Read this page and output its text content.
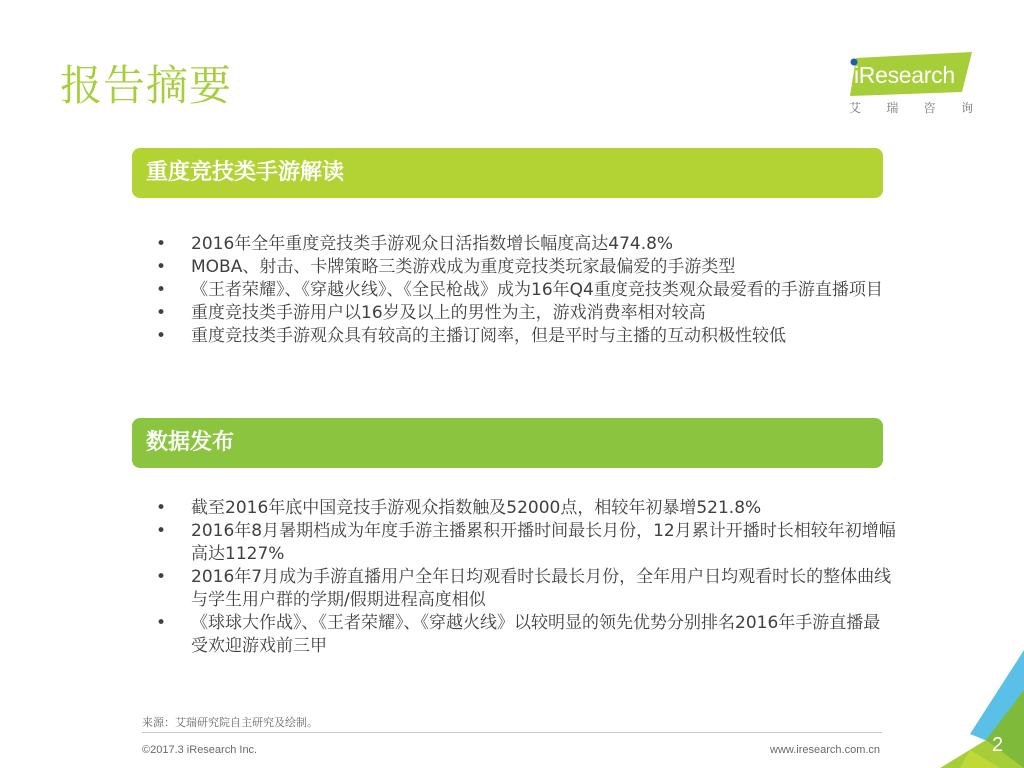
报告摘要	iResearch
艾 瑞 咨 询
重度竞技类手游解读
• 2016年全年重度竞技类手游观众日活指数增长幅度高达474.8%
• MOBA、射击、卡牌策略三类游戏成为重度竞技类玩家最偏爱的手游类型
• 《王者荣耀》、《穿越火线》、《全民枪战》成为16年Q4重度竞技类观众最爱看的手游直播项目
• 重度竞技类手游用户以16岁及以上的男性为主，游戏消费率相对较高
• 重度竞技类手游观众具有较高的主播订阅率，但是平时与主播的互动积极性较低
数据发布
• 截至2016年底中国竞技手游观众指数触及52000点，相较年初暴增521.8%
• 2016年8月暑期档成为年度手游主播累积开播时间最长月份，12月累计开播时长相较年初增幅高达1127%
• 2016年7月成为手游直播用户全年日均观看时长最长月份，全年用户日均观看时长的整体曲线与学生用户群的学期/假期进程高度相似
• 《球球大作战》、《王者荣耀》、《穿越火线》以较明显的领先优势分别排名2016年手游直播最受欢迎游戏前三甲
来源：艾瑞研究院自主研究及绘制。
©2017.3 iResearch Inc.	www.iresearch.com.cn	2
